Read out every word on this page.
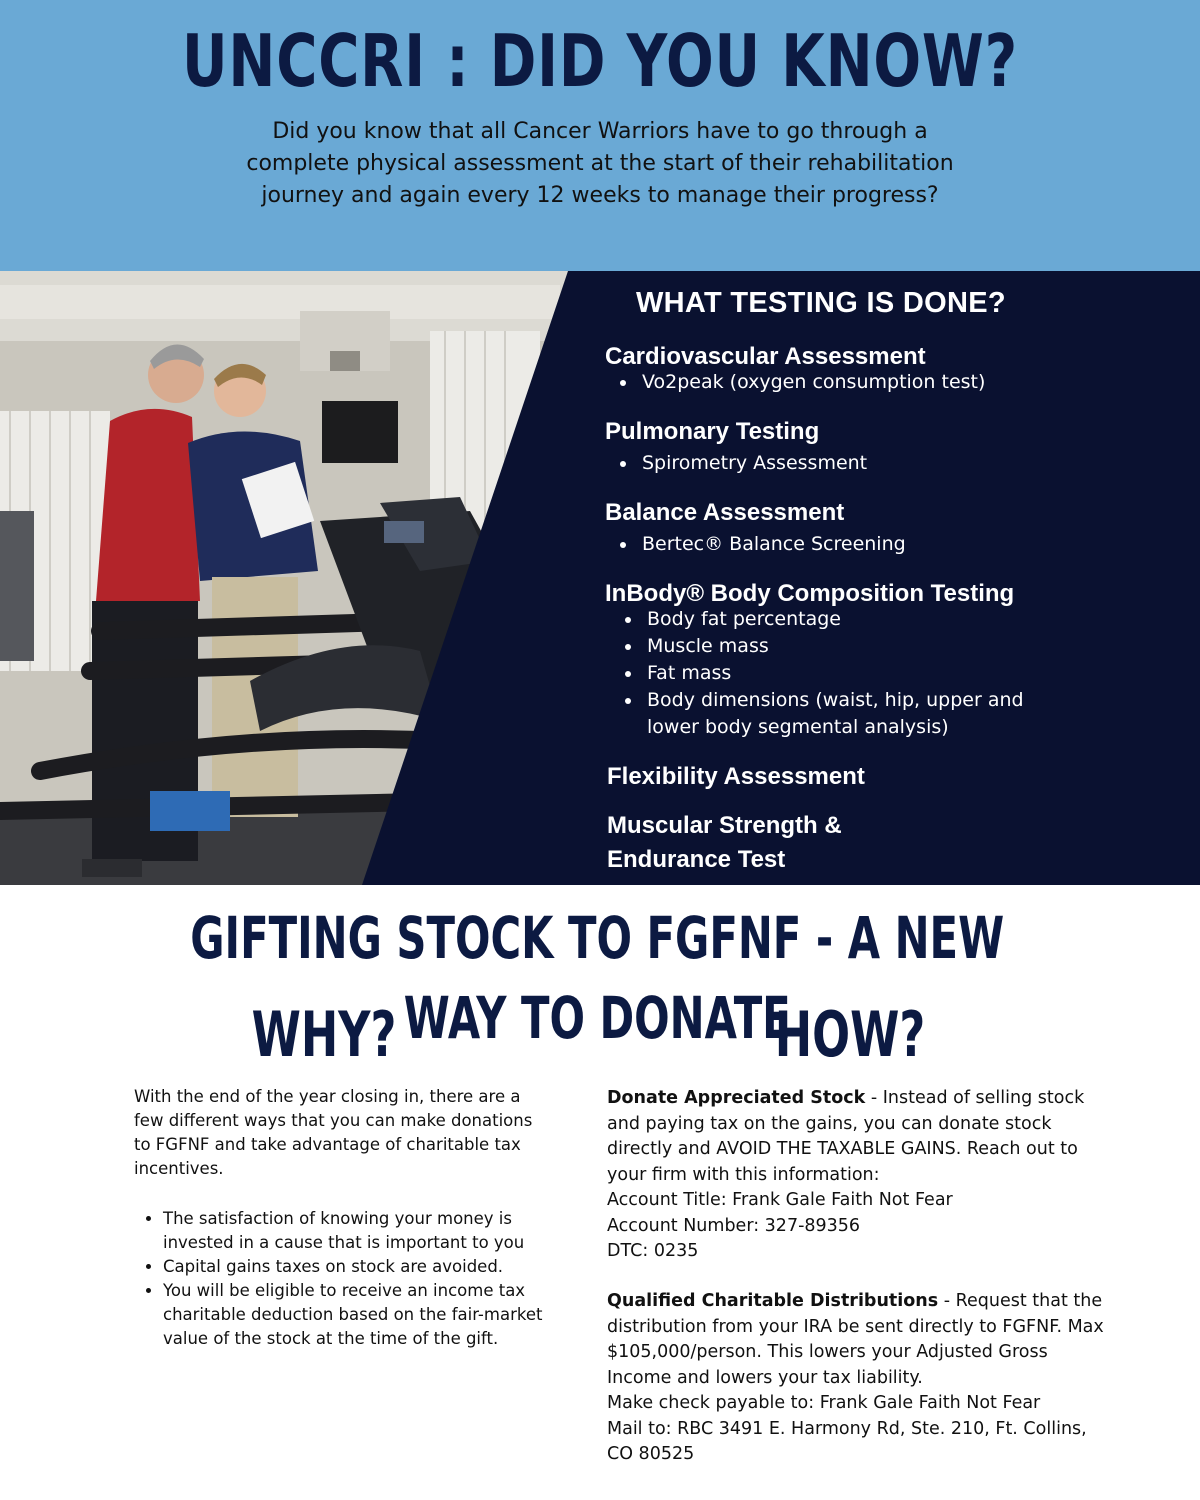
UNCCRI : DID YOU KNOW?
Did you know that all Cancer Warriors have to go through a complete physical assessment at the start of their rehabilitation journey and again every 12 weeks to manage their progress?
WHAT TESTING IS DONE?
Cardiovascular Assessment
• Vo2peak (oxygen consumption test)
Pulmonary Testing
• Spirometry Assessment
Balance Assessment
• Bertec® Balance Screening
InBody® Body Composition Testing
• Body fat percentage
• Muscle mass
• Fat mass
• Body dimensions (waist, hip, upper and lower body segmental analysis)
Flexibility Assessment
Muscular Strength & Endurance Test
GIFTING STOCK TO FGFNF - A NEW WAY TO DONATE
WHY?	HOW?
With the end of the year closing in, there are a few different ways that you can make donations to FGFNF and take advantage of charitable tax incentives.
• The satisfaction of knowing your money is invested in a cause that is important to you
• Capital gains taxes on stock are avoided.
• You will be eligible to receive an income tax charitable deduction based on the fair-market value of the stock at the time of the gift.
Donate Appreciated Stock - Instead of selling stock and paying tax on the gains, you can donate stock directly and AVOID THE TAXABLE GAINS. Reach out to your firm with this information:
Account Title: Frank Gale Faith Not Fear
Account Number: 327-89356
DTC: 0235
Qualified Charitable Distributions - Request that the distribution from your IRA be sent directly to FGFNF. Max $105,000/person. This lowers your Adjusted Gross Income and lowers your tax liability.
Make check payable to: Frank Gale Faith Not Fear
Mail to: RBC 3491 E. Harmony Rd, Ste. 210, Ft. Collins, CO 80525
